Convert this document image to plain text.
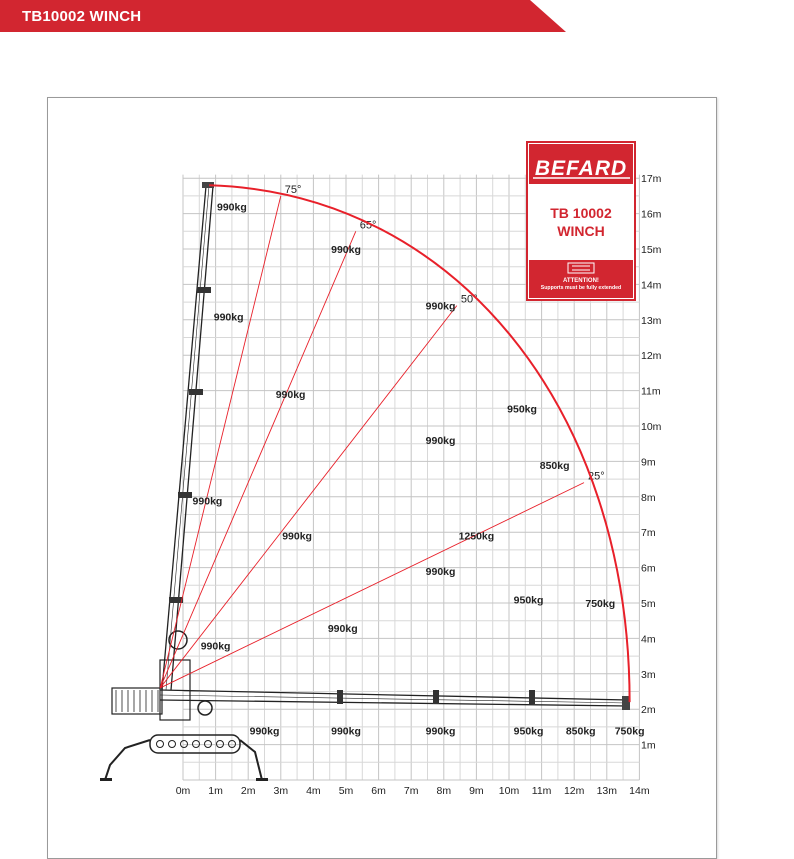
TB10002 WINCH
75°
65°
50°
25°
0m 1m 2m 3m 4m 5m 6m 7m 8m 9m 10m 11m 12m 13m 14m
1m
2m
3m
4m
5m
6m
7m
8m
9m
10m
11m
12m
13m
14m
15m
16m
17m
990kg
990kg
990kg
990kg
990kg
950kg
990kg
850kg
990kg
990kg	1250kg
990kg
950kg	750kg
990kg
990kg
990kg	990kg	990kg	950kg 850kg 750kg
BEFARD
TB 10002
WINCH
ATTENTION!
Supports must be fully extended
